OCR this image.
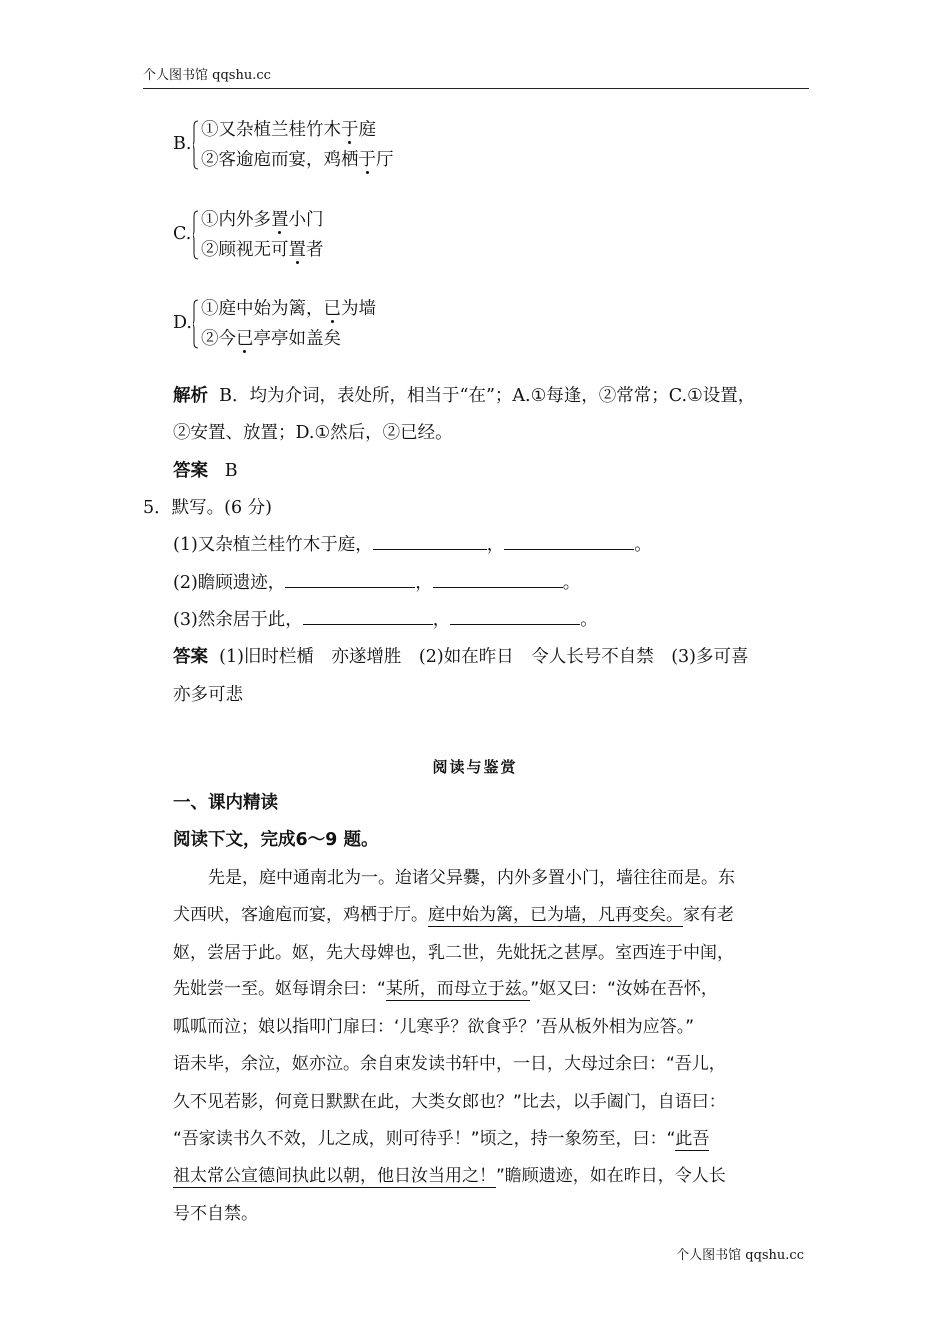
个人图书馆 qqshu.cc
B.
①又杂植兰桂竹木于庭
②客逾庖而宴，鸡栖于厅
C.
①内外多置小门
②顾视无可置者
D.
①庭中始为篱，已为墙
②今已亭亭如盖矣
解析 B．均为介词，表处所，相当于“在”；A.①每逢，②常常；C.①设置，
②安置、放置；D.①然后，②已经。
答案 B
5．默写。(6 分)
(1)又杂植兰桂竹木于庭，	，	。
(2)瞻顾遗迹，	，	。
(3)然余居于此，	，	。
答案 (1)旧时栏楯　亦遂增胜　(2)如在昨日　令人长号不自禁　(3)多可喜
亦多可悲
阅读与鉴赏
一、课内精读
阅读下文，完成6～9 题。
先是，庭中通南北为一。迨诸父异爨，内外多置小门，墙往往而是。东
犬西吠，客逾庖而宴，鸡栖于厅。庭中始为篱，已为墙，凡再变矣。家有老
妪，尝居于此。妪，先大母婢也，乳二世，先妣抚之甚厚。室西连于中闺，
先妣尝一至。妪每谓余曰：“某所，而母立于兹。”妪又曰：“汝姊在吾怀，
呱呱而泣；娘以指叩门扉曰：‘儿寒乎？欲食乎？’吾从板外相为应答。”
语未毕，余泣，妪亦泣。余自束发读书轩中，一日，大母过余曰：“吾儿，
久不见若影，何竟日默默在此，大类女郎也？”比去，以手阖门，自语曰：
“吾家读书久不效，儿之成，则可待乎！”顷之，持一象笏至，曰：“此吾
祖太常公宣德间执此以朝，他日汝当用之！”瞻顾遗迹，如在昨日，令人长
号不自禁。
个人图书馆 qqshu.cc
